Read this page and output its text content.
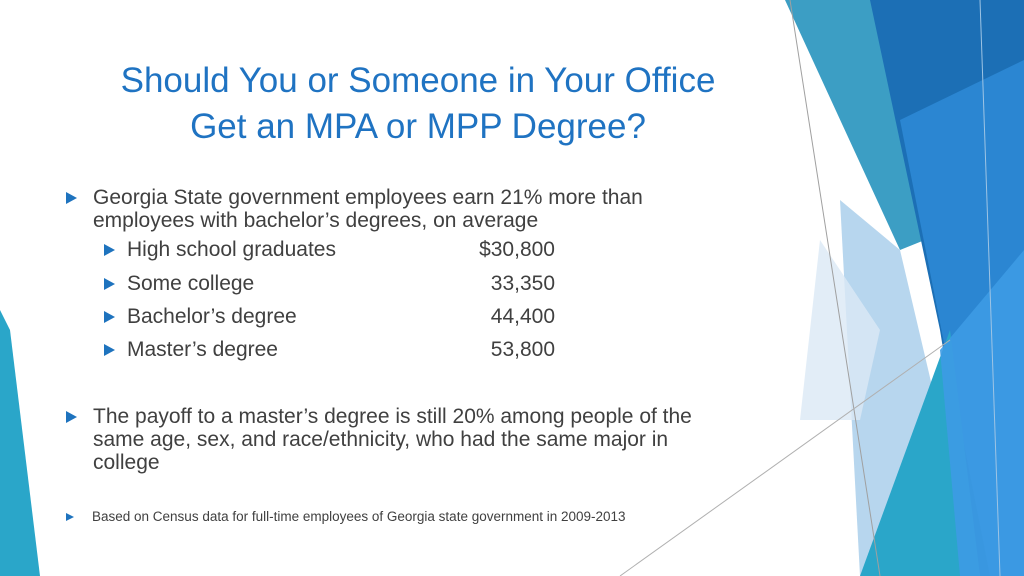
Should You or Someone in Your Office
Get an MPA or MPP Degree?
Georgia State government employees earn 21% more than
employees with bachelor’s degrees, on average
High school graduates	$30,800
Some college	33,350
Bachelor’s degree	44,400
Master’s degree	53,800
The payoff to a master’s degree is still 20% among people of the
same age, sex, and race/ethnicity, who had the same major in
college
Based on Census data for full-time employees of Georgia state government in 2009-2013
